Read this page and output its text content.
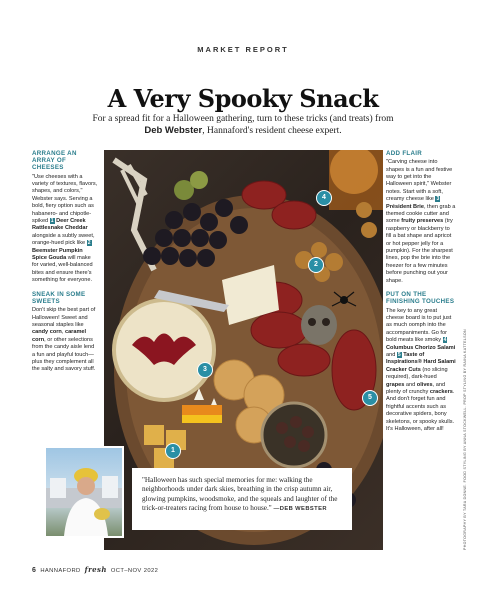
MARKET REPORT
A Very Spooky Snack
For a spread fit for a Halloween gathering, turn to these tricks (and treats) from
Deb Webster, Hannaford's resident cheese expert.
ARRANGE AN ARRAY OF CHEESES
"Use cheeses with a variety of textures, flavors, shapes, and colors," Webster says. Serving a bold, fiery option such as habanero- and chipotle-spiked 1 Deer Creek Rattlesnake Cheddar alongside a subtly sweet, orange-hued pick like 2 Beemster Pumpkin Spice Gouda will make for varied, well-balanced bites and ensure there's something for everyone.
SNEAK IN SOME SWEETS
Don't skip the best part of Halloween! Sweet and seasonal staples like candy corn, caramel corn, or other selections from the candy aisle lend a fun and playful touch—plus they complement all the salty and savory stuff.
4
2
3
5
1
"Halloween has such special memories for me: walking the neighborhoods under dark skies, breathing in the crisp autumn air, glowing pumpkins, woodsmoke, and the squeals and laughter of the trick-or-treaters racing from house to house." —DEB WEBSTER
ADD FLAIR
"Carving cheese into shapes is a fun and festive way to get into the Halloween spirit," Webster notes. Start with a soft, creamy cheese like 3 Président Brie, then grab a themed cookie cutter and some fruity preserves (try raspberry or blackberry to fill a bat shape and apricot or hot pepper jelly for a pumpkin). For the sharpest lines, pop the brie into the freezer for a few minutes before punching out your shape.
PUT ON THE FINISHING TOUCHES
The key to any great cheese board is to put just as much oomph into the accompaniments. Go for bold meats like smoky 4 Columbus Chorizo Salami and 5 Taste of Inspirations® Hard Salami Cracker Cuts (no slicing required), dark-hued grapes and olives, and plenty of crunchy crackers. And don't forget fun and frightful accents such as decorative spiders, bony skeletons, or spooky skulls. It's Halloween, after all!	PHOTOGRAPHY BY TARA DONNE. FOOD STYLING BY ANNA STOCKWELL. PROP STYLING BY RAINA KATTELSON
6 HANNAFORD fresh OCT–NOV 2022
